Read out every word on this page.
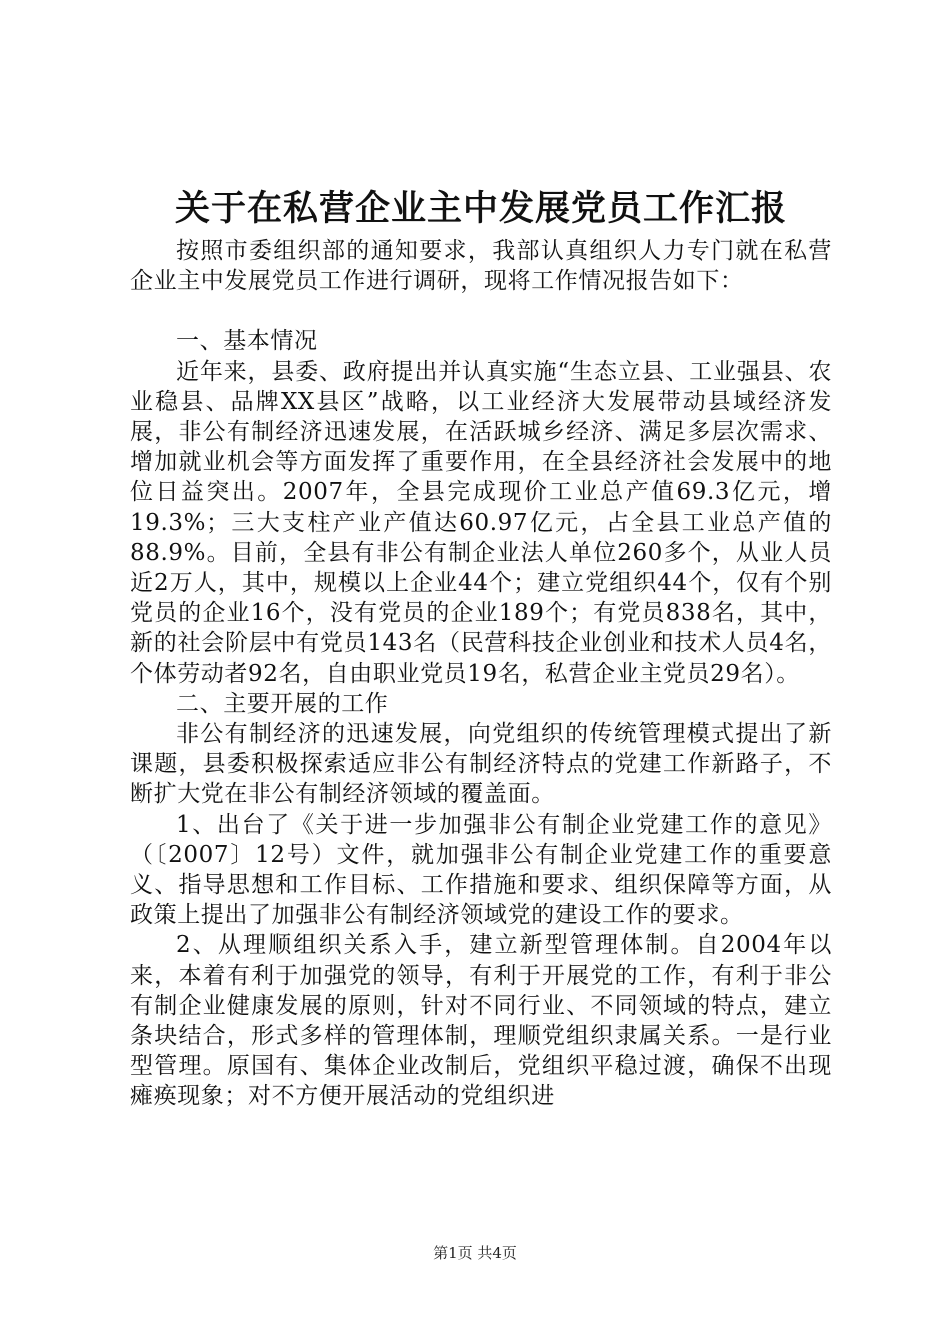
关于在私营企业主中发展党员工作汇报

按照市委组织部的通知要求，我部认真组织人力专门就在私营企业主中发展党员工作进行调研，现将工作情况报告如下：

一、基本情况

近年来，县委、政府提出并认真实施“生态立县、工业强县、农业稳县、品牌XX县区”战略，以工业经济大发展带动县域经济发展，非公有制经济迅速发展，在活跃城乡经济、满足多层次需求、增加就业机会等方面发挥了重要作用，在全县经济社会发展中的地位日益突出。2007年，全县完成现价工业总产值69.3亿元，增19.3%；三大支柱产业产值达60.97亿元，占全县工业总产值的88.9%。目前，全县有非公有制企业法人单位260多个，从业人员近2万人，其中，规模以上企业44个；建立党组织44个，仅有个别党员的企业16个，没有党员的企业189个；有党员838名，其中，新的社会阶层中有党员143名（民营科技企业创业和技术人员4名，个体劳动者92名，自由职业党员19名，私营企业主党员29名）。

二、主要开展的工作

非公有制经济的迅速发展，向党组织的传统管理模式提出了新课题，县委积极探索适应非公有制经济特点的党建工作新路子，不断扩大党在非公有制经济领域的覆盖面。

1、出台了《关于进一步加强非公有制企业党建工作的意见》（〔2007〕12号）文件，就加强非公有制企业党建工作的重要意义、指导思想和工作目标、工作措施和要求、组织保障等方面，从政策上提出了加强非公有制经济领域党的建设工作的要求。

2、从理顺组织关系入手，建立新型管理体制。自2004年以来，本着有利于加强党的领导，有利于开展党的工作，有利于非公有制企业健康发展的原则，针对不同行业、不同领域的特点，建立条块结合，形式多样的管理体制，理顺党组织隶属关系。一是行业型管理。原国有、集体企业改制后，党组织平稳过渡，确保不出现瘫痪现象；对不方便开展活动的党组织进

第1页 共4页
